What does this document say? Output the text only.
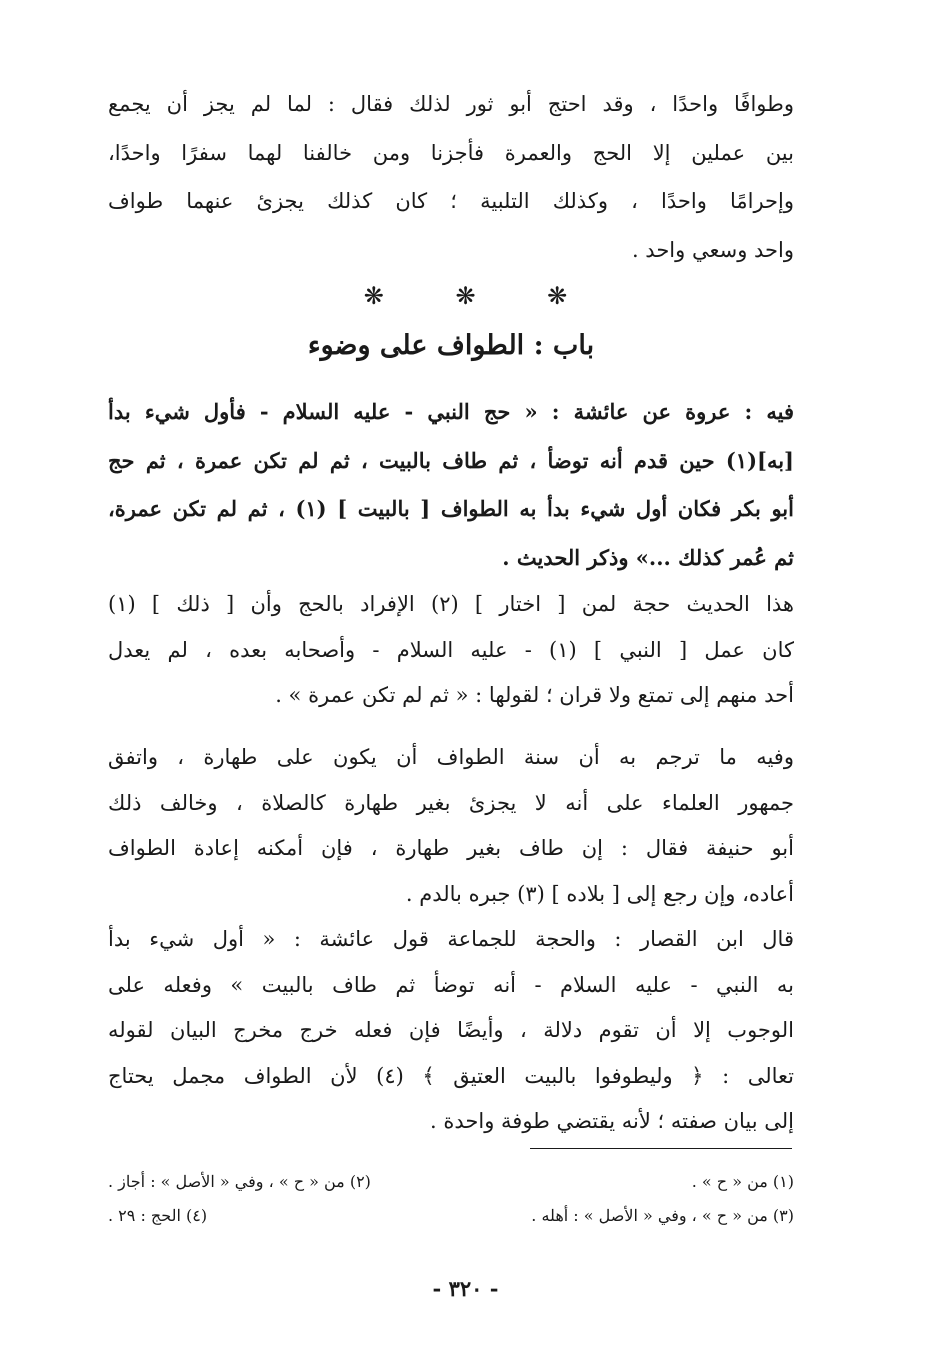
وطوافًا واحدًا ، وقد احتج أبو ثور لذلك فقال : لما لم يجز أن يجمع
بين عملين إلا الحج والعمرة فأجزنا ومن خالفنا لهما سفرًا واحدًا،
وإحرامًا واحدًا ، وكذلك التلبية ؛ كان كذلك يجزئ عنهما طواف
واحد وسعي واحد .
❋	❋	❋
باب : الطواف على وضوء
فيه : عروة عن عائشة : « حج النبي - عليه السلام - فأول شيء بدأ
[به](١) حين قدم أنه توضأ ، ثم طاف بالبيت ، ثم لم تكن عمرة ، ثم حج
أبو بكر فكان أول شيء بدأ به الطواف [ بالبيت ] (١) ، ثم لم تكن عمرة،
ثم عُمر كذلك ...» وذكر الحديث .
هذا الحديث حجة لمن [ اختار ] (٢) الإفراد بالحج وأن [ ذلك ] (١)
كان عمل [ النبي ] (١) - عليه السلام - وأصحابه بعده ، لم يعدل
أحد منهم إلى تمتع ولا قران ؛ لقولها : « ثم لم تكن عمرة » .
وفيه ما ترجم به أن سنة الطواف أن يكون على طهارة ، واتفق
جمهور العلماء على أنه لا يجزئ بغير طهارة كالصلاة ، وخالف ذلك
أبو حنيفة فقال : إن طاف بغير طهارة ، فإن أمكنه إعادة الطواف
أعاده، وإن رجع إلى [ بلاده ] (٣) جبره بالدم .
قال ابن القصار : والحجة للجماعة قول عائشة : « أول شيء بدأ
به النبي - عليه السلام - أنه توضأ ثم طاف بالبيت » وفعله على
الوجوب إلا أن تقوم دلالة ، وأيضًا فإن فعله خرج مخرج البيان لقوله
تعالى : ﴿ وليطوفوا بالبيت العتيق ﴾ (٤) لأن الطواف مجمل يحتاج
إلى بيان صفته ؛ لأنه يقتضي طوفة واحدة .
(١) من « ح » .
(٢) من « ح » ، وفي « الأصل » : أجاز .
(٣) من « ح » ، وفي « الأصل » : أهله .
(٤) الحج : ٢٩ .
- ٣٢٠ -
